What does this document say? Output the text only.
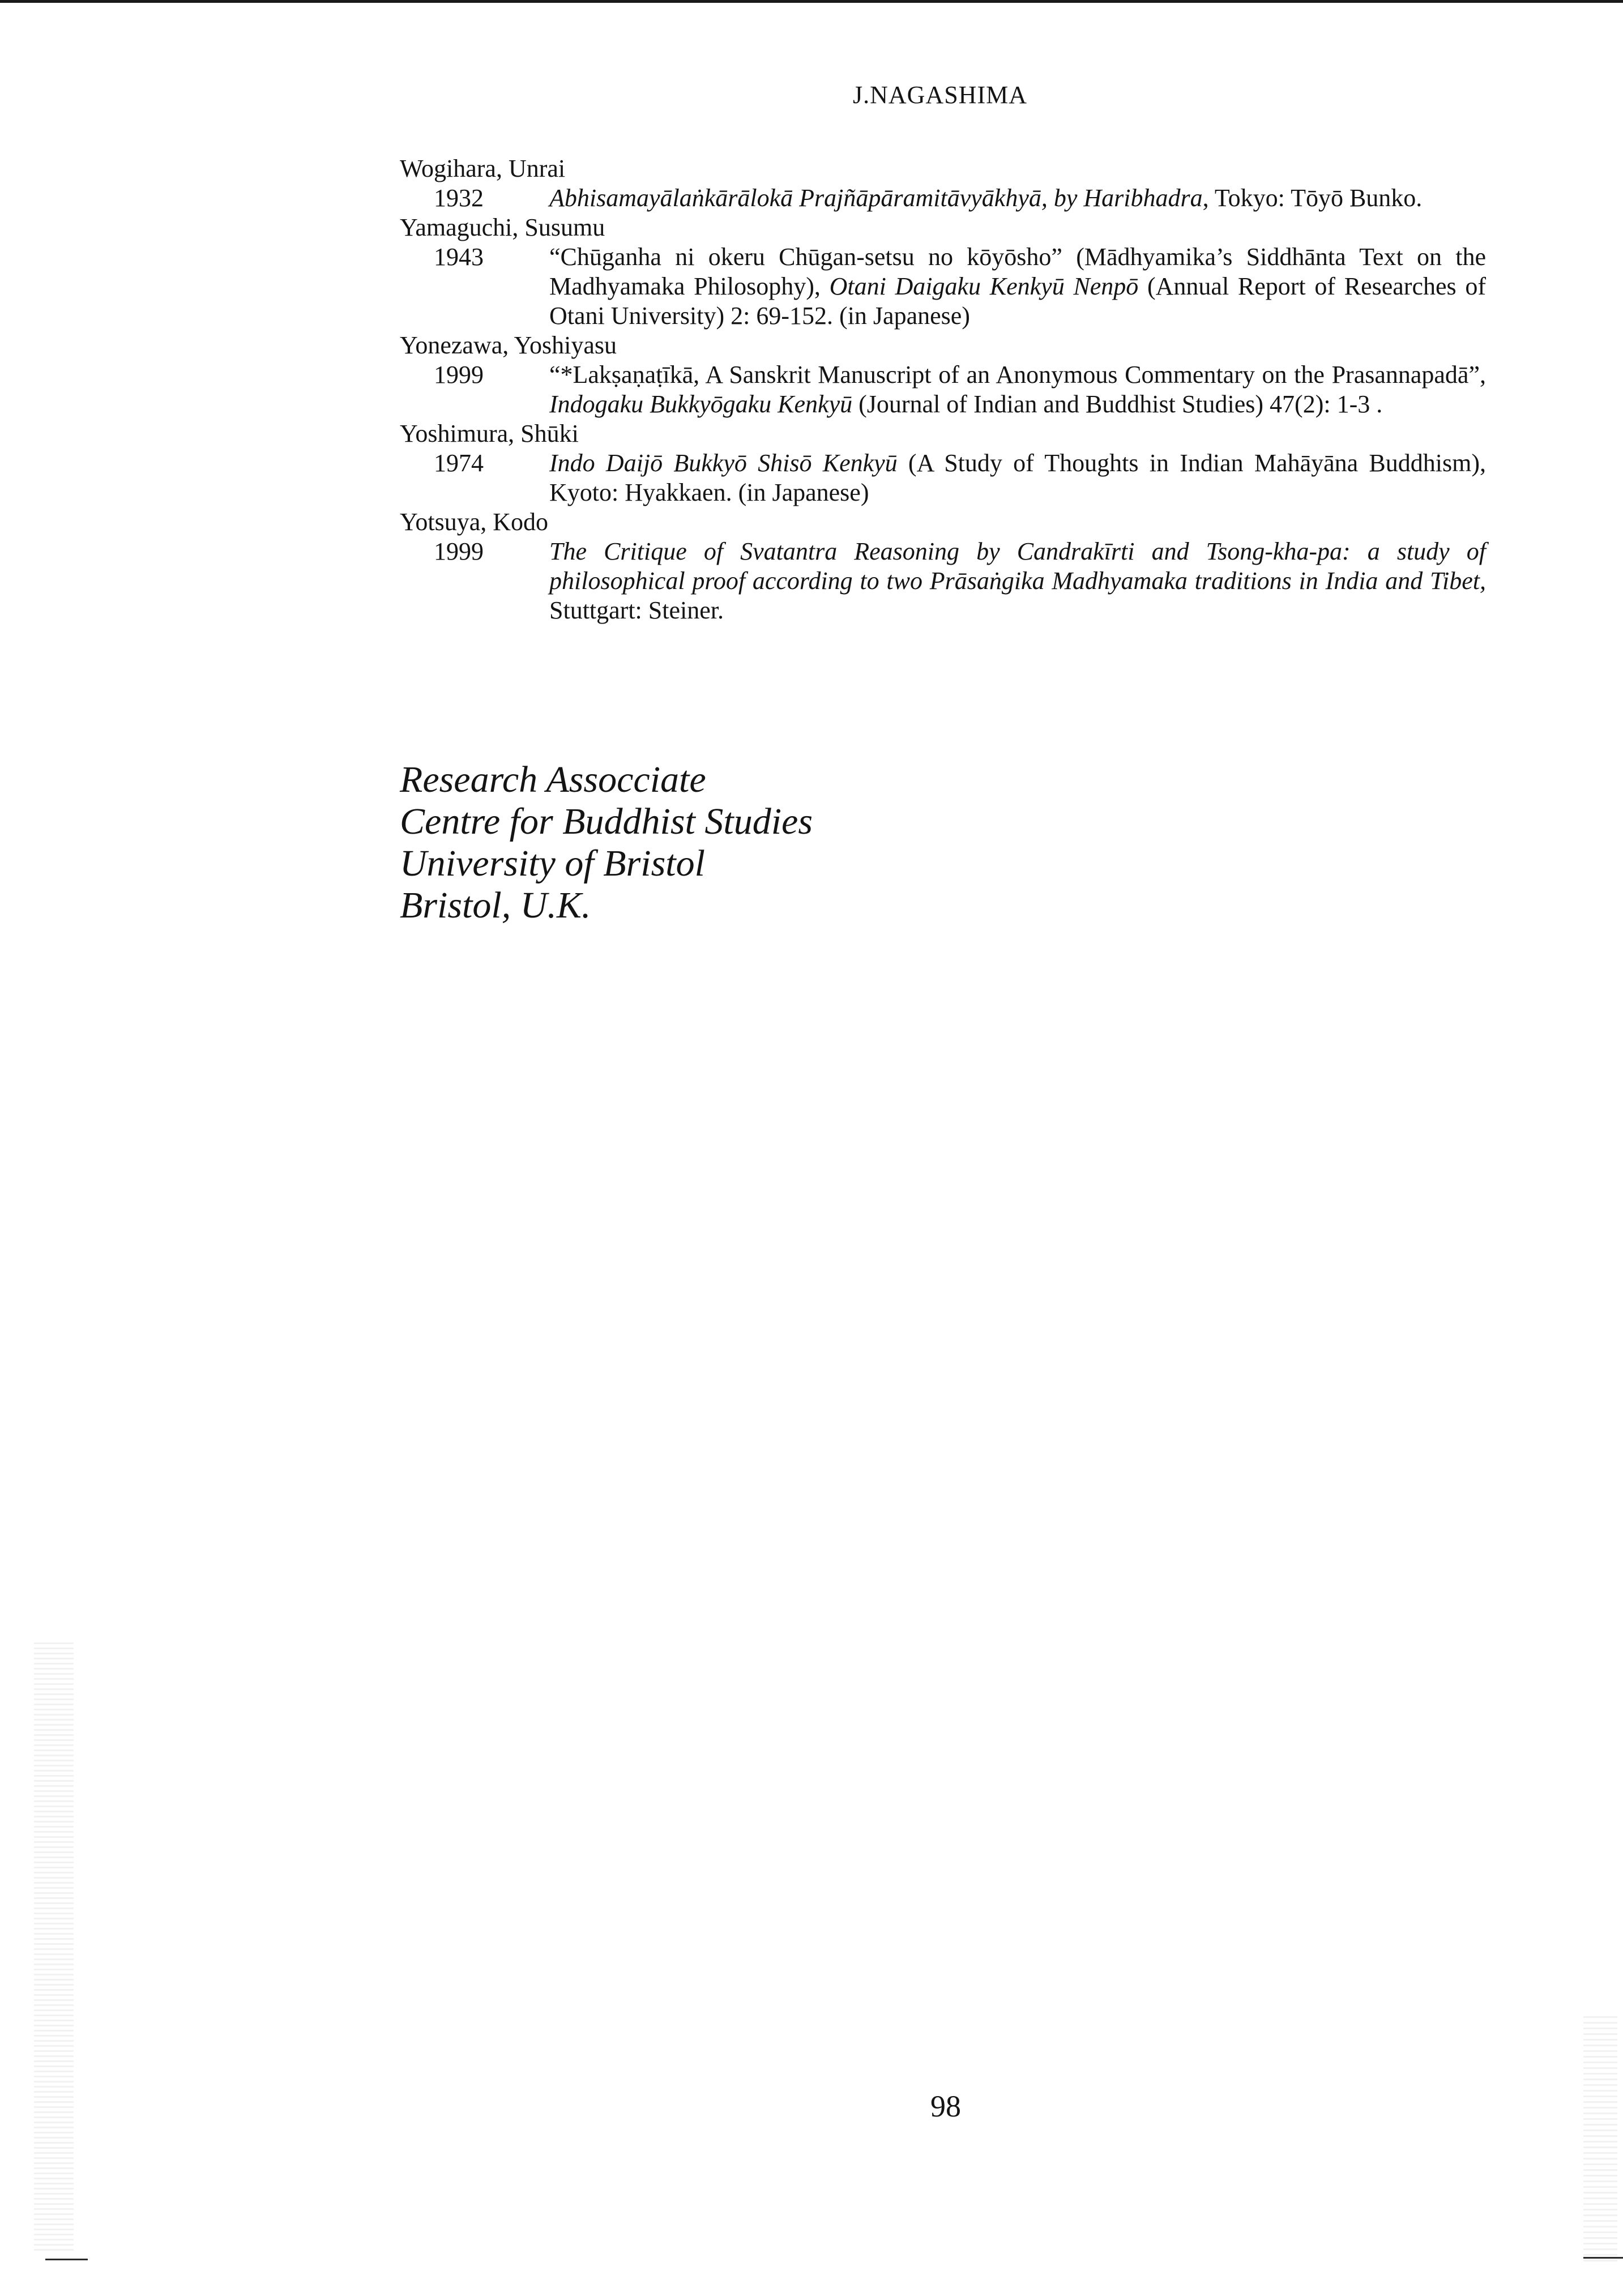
J.NAGASHIMA

Wogihara, Unrai

1932	Abhisamayālaṅkārālokā Prajñāpāramitāvyākhyā, by Haribhadra, Tokyo: Tōyō Bunko.

Yamaguchi, Susumu

1943	“Chūganha ni okeru Chūgan-setsu no kōyōsho” (Mādhyamika’s Siddhānta Text on the Madhyamaka Philosophy), Otani Daigaku Kenkyū Nenpō (Annual Report of Researches of Otani University) 2: 69-152. (in Japanese)

Yonezawa, Yoshiyasu

1999	“*Lakṣaṇaṭīkā, A Sanskrit Manuscript of an Anonymous Commentary on the Prasannapadā”, Indogaku Bukkyōgaku Kenkyū (Journal of Indian and Buddhist Studies) 47(2): 1-3 .

Yoshimura, Shūki

1974	Indo Daijō Bukkyō Shisō Kenkyū (A Study of Thoughts in Indian Mahāyāna Buddhism), Kyoto: Hyakkaen. (in Japanese)

Yotsuya, Kodo

1999	The Critique of Svatantra Reasoning by Candrakīrti and Tsong-kha-pa: a study of philosophical proof according to two Prāsaṅgika Madhyamaka traditions in India and Tibet, Stuttgart: Steiner.
Research Assocciate
Centre for Buddhist Studies
University of Bristol
Bristol, U.K.
98
